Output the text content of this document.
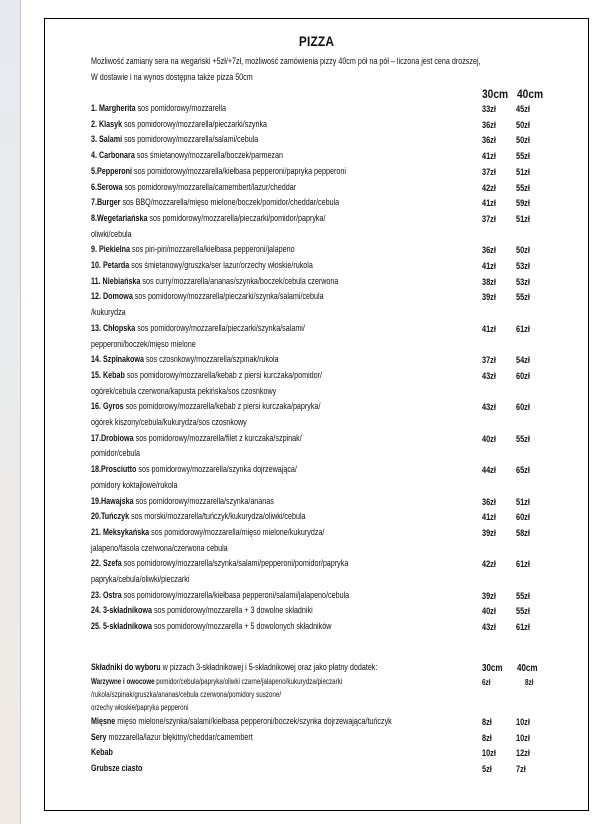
PIZZA
Możliwość zamiany sera na wegański +5zł/+7zł, możliwość zamówienia pizzy 40cm pół na pół – liczona jest cena droższej,
W dostawie i na wynos dostępna także pizza 50cm
30cm 40cm
1. Margherita sos pomidorowy/mozzarella	33zł 45zł
2. Klasyk sos pomidorowy/mozzarella/pieczarki/szynka	36zł 50zł
3. Salami sos pomidorowy/mozzarella/salami/cebula	36zł 50zł
4. Carbonara sos śmietanowy/mozzarella/boczek/parmezan	41zł 55zł
5.Pepperoni sos pomidorowy/mozzarella/kiełbasa pepperoni/papryka pepperoni	37zł 51zł
6.Serowa sos pomidorowy/mozzarella/camembert/lazur/cheddar	42zł 55zł
7.Burger sos BBQ/mozzarella/mięso mielone/boczek/pomidor/cheddar/cebula	41zł 59zł
8.Wegetariańska sos pomidorowy/mozzarella/pieczarki/pomidor/papryka/	37zł 51zł
oliwki/cebula
9. Piekielna sos piri-piri/mozzarella/kiełbasa pepperoni/jalapeno	36zł 50zł
10. Petarda sos śmietanowy/gruszka/ser lazur/orzechy włoskie/rukola	41zł 53zł
11. Niebiańska sos curry/mozzarella/ananas/szynka/boczek/cebula czerwona	38zł 53zł
12. Domowa sos pomidorowy/mozzarella/pieczarki/szynka/salami/cebula	39zł 55zł
/kukurydza
13. Chłopska sos pomidorowy/mozzarella/pieczarki/szynka/salami/	41zł 61zł
pepperoni/boczek/mięso mielone
14. Szpinakowa sos czosnkowy/mozzarella/szpinak/rukola	37zł 54zł
15. Kebab sos pomidorowy/mozzarella/kebab z piersi kurczaka/pomidor/	43zł 60zł
ogórek/cebula czerwona/kapusta pekińska/sos czosnkowy
16. Gyros sos pomidorowy/mozzarella/kebab z piersi kurczaka/papryka/	43zł 60zł
ogórek kiszony/cebula/kukurydza/sos czosnkowy
17.Drobiowa sos pomidorowy/mozzarella/filet z kurczaka/szpinak/	40zł 55zł
pomidor/cebula
18.Prosciutto sos pomidorowy/mozzarella/szynka dojrzewająca/	44zł 65zł
pomidory koktajlowe/rukola
19.Hawajska sos pomidorowy/mozzarella/szynka/ananas	36zł 51zł
20.Tuńczyk sos morski/mozzarella/tuńczyk/kukurydza/oliwki/cebula	41zł 60zł
21. Meksykańska sos pomidorowy/mozzarella/mięso mielone/kukurydza/	39zł 58zł
jalapeno/fasola czerwona/czerwona cebula
22. Szefa sos pomidorowy/mozzarella/szynka/salami/pepperoni/pomidor/papryka	42zł 61zł
papryka/cebula/oliwki/pieczarki
23. Ostra sos pomidorowy/mozzarella/kiełbasa pepperoni/salami/jalapeno/cebula	39zł 55zł
24. 3-składnikowa sos pomidorowy/mozzarella + 3 dowolne składniki	40zł 55zł
25. 5-składnikowa sos pomidorowy/mozzarella + 5 dowolonych składników	43zł 61zł
Składniki do wyboru w pizzach 3-składnikowej i 5-składnikowej oraz jako płatny dodatek:	30cm 40cm
Warzywne i owocowe pomidor/cebula/papryka/oliwki czarne/jalapeno/kukurydza/pieczarki	6zł	8zł
/rukola/szpinak/gruszka/ananas/cebula czerwona/pomidory suszone/
orzechy włoskie/papryka pepperoni
Mięsne mięso mielone/szynka/salami/kiełbasa pepperoni/boczek/szynka dojrzewająca/tuńczyk	8zł	10zł
Sery mozzarella/lazur błękitny/cheddar/camembert	8zł	10zł
Kebab	10zł 12zł
Grubsze ciasto	5zł	7zł
